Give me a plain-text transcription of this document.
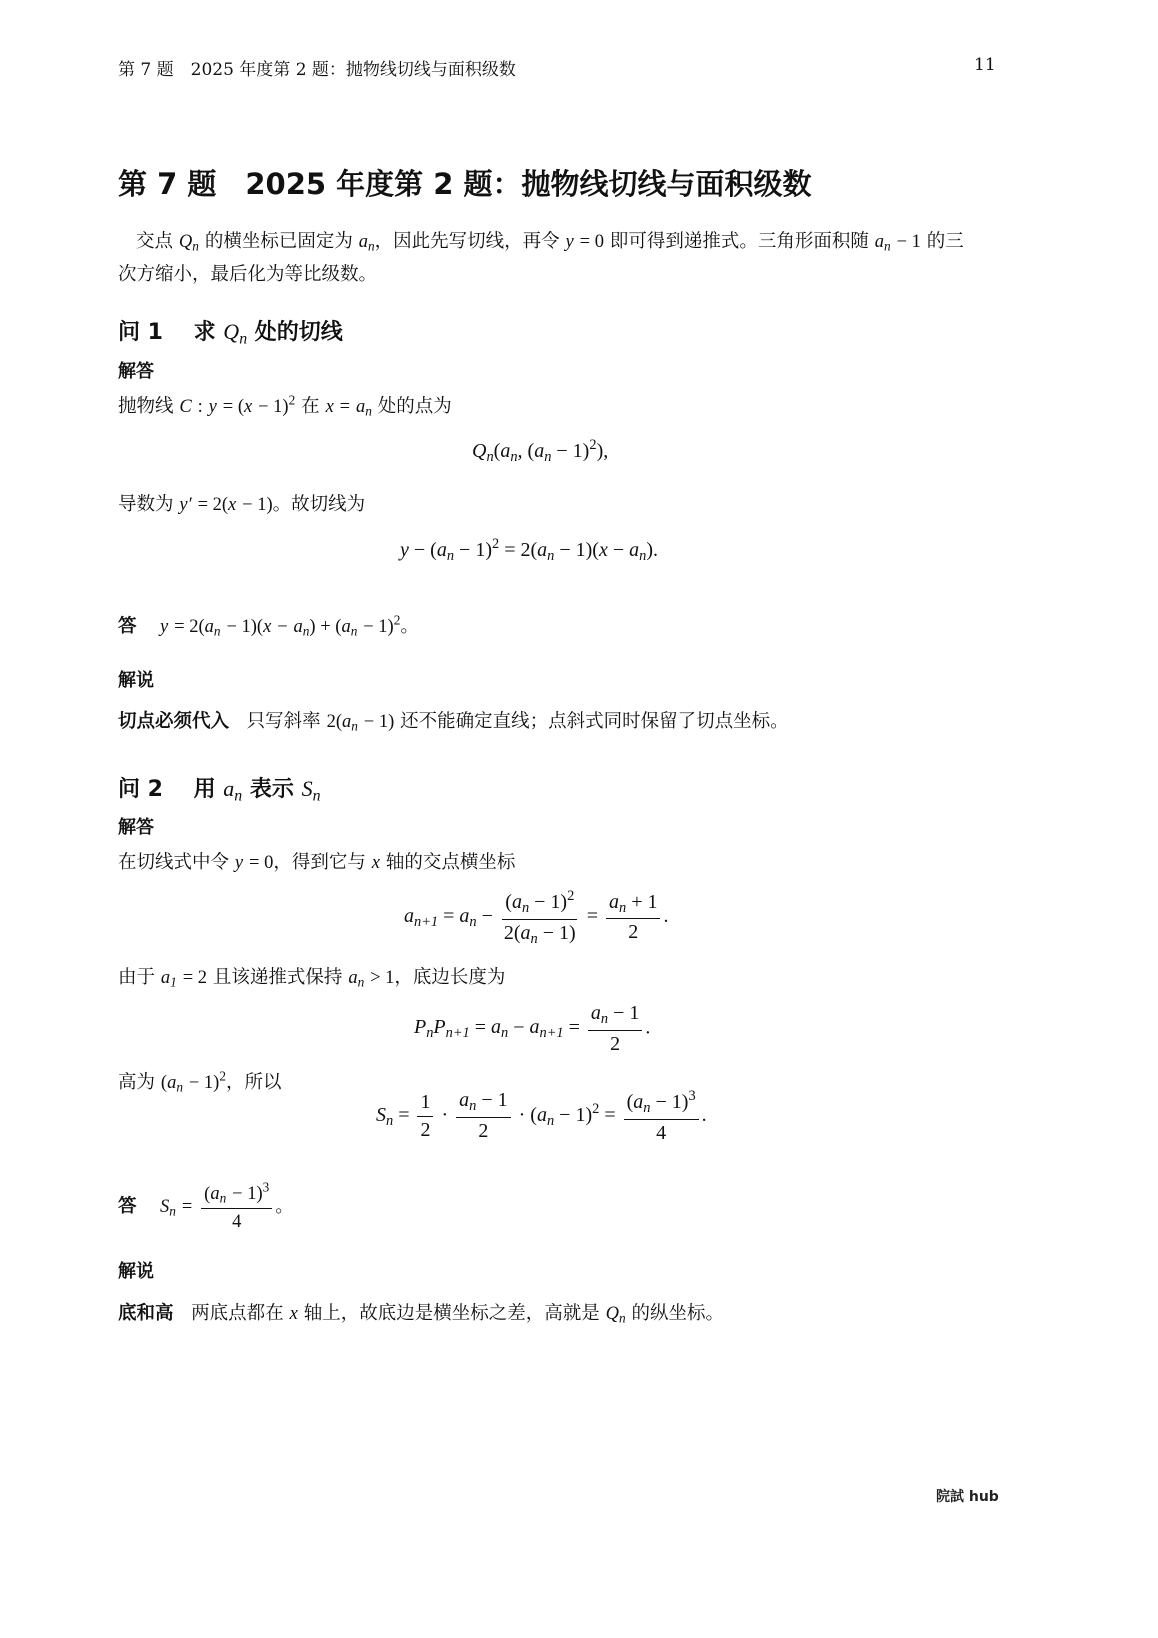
第 7 题　2025 年度第 2 题：抛物线切线与面积级数	11
第 7 题　2025 年度第 2 题：抛物线切线与面积级数
交点 $Q_n$ 的横坐标已固定为 $a_n$，因此先写切线，再令 y = 0 即可得到递推式。三角形面积随 $a_n - 1$ 的三
次方缩小，最后化为等比级数。
问 1 求 $Q_n$ 处的切线
解答
抛物线 C : $y = (x - 1)^2$ 在 $x = a_n$ 处的点为
$Q_n(a_n$, $(a_n - 1)^2$),
导数为 y′ = 2(x − 1)。故切线为
$y - (a_n - 1)^2 = 2(a_n - 1)(x - a_n)$.
答 $y = 2(a_n - 1)(x - a_n) + (a_n - 1)^2$。
解说
切点必须代入 只写斜率 $2(a_n - 1)$ 还不能确定直线；点斜式同时保留了切点坐标。
问 2 用 $a_n$ 表示 $S_n$
解答
在切线式中令 y = 0，得到它与 x 轴的交点横坐标
$a_{n+1} = a_n - \frac{(a_n - 1)^2}{2(a_n - 1)} = \frac{a_n + 1}{2}$ .
由于 $a_1 = 2$ 且该递推式保持 $a_n > 1$，底边长度为
$P_nP_{n+1} = a_n - a_{n+1} = \frac{a_n - 1}{2}$ .
高为 $(a_n - 1)^2$，所以
$S_n = \frac{1}{2} \cdot \frac{a_n - 1}{2} \cdot (a_n - 1)^2 = \frac{(a_n - 1)^3}{4}$ .
答 $S_n = \frac{(a_n - 1)^3}{4}$ 。
解说
底和高 两底点都在 x 轴上，故底边是横坐标之差，高就是 $Q_n$ 的纵坐标。
院試 hub
